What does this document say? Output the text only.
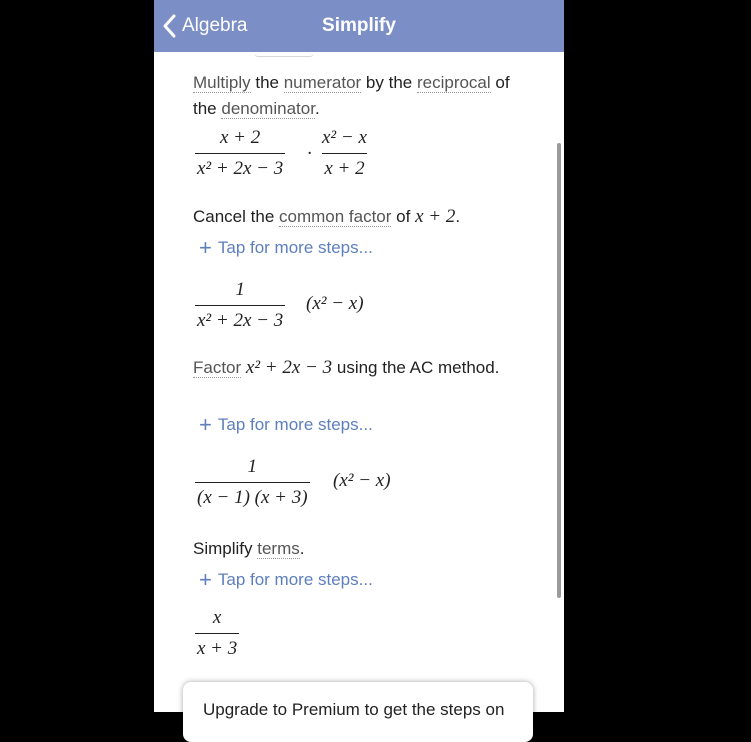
Algebra	Simplify
Multiply the numerator by the reciprocal of the denominator.
$\frac{x + 2}{\text{x² + 2x − 3}} \cdot \frac{\text{x² − x}}{x + 2}$
Cancel the common factor of x + 2.
+ Tap for more steps...
$\frac{1}{\text{x² + 2x − 3}} (x^2 - x)$
Factor x² + 2x − 3 using the AC method.
+ Tap for more steps...
$\frac{1}{(x - 1) (x + 3)} (x^2 - x)$
Simplify terms.
+ Tap for more steps...
$\frac{x}{x + 3}$
Upgrade to Premium to get the steps on
